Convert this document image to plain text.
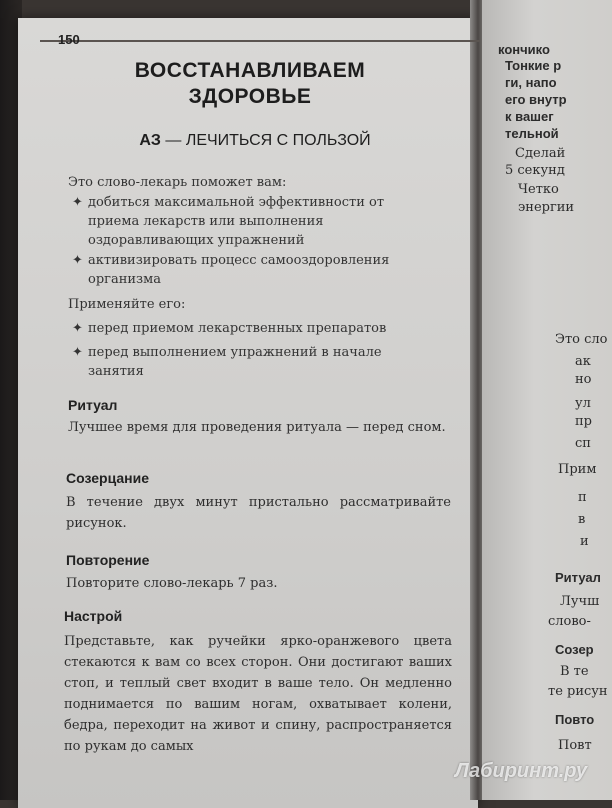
150
ВОССТАНАВЛИВАЕМ
ЗДОРОВЬЕ
АЗ — ЛЕЧИТЬСЯ С ПОЛЬЗОЙ
Это слово-лекарь поможет вам:
✦ добиться максимальной эффективности от приема лекарств или выполнения оздоравливающих упражнений
✦ активизировать процесс самооздоровления организма
Применяйте его:
✦ перед приемом лекарственных препаратов
✦ перед выполнением упражнений в начале занятия
Ритуал
Лучшее время для проведения ритуала — перед сном.
Созерцание
В течение двух минут пристально рассматривайте рисунок.
Повторение
Повторите слово-лекарь 7 раз.
Настрой
Представьте, как ручейки ярко-оранжевого цвета стекаются к вам со всех сторон. Они достигают ваших стоп, и теплый свет входит в ваше тело. Он медленно поднимается по вашим ногам, охватывает колени, бедра, переходит на живот и спину, распространяется по рукам до самых
кончико
Тонкие р
ги, напо
его внутр
к вашег
тельной
Сделай
5 секунд
Четко
энергии
Это сло
ак
но
ул
пр
сп
Прим
п
в
и
Ритуал
Лучш
слово-
Созер
В те
те рисун
Повто
Повт
Лабиринт.ру
